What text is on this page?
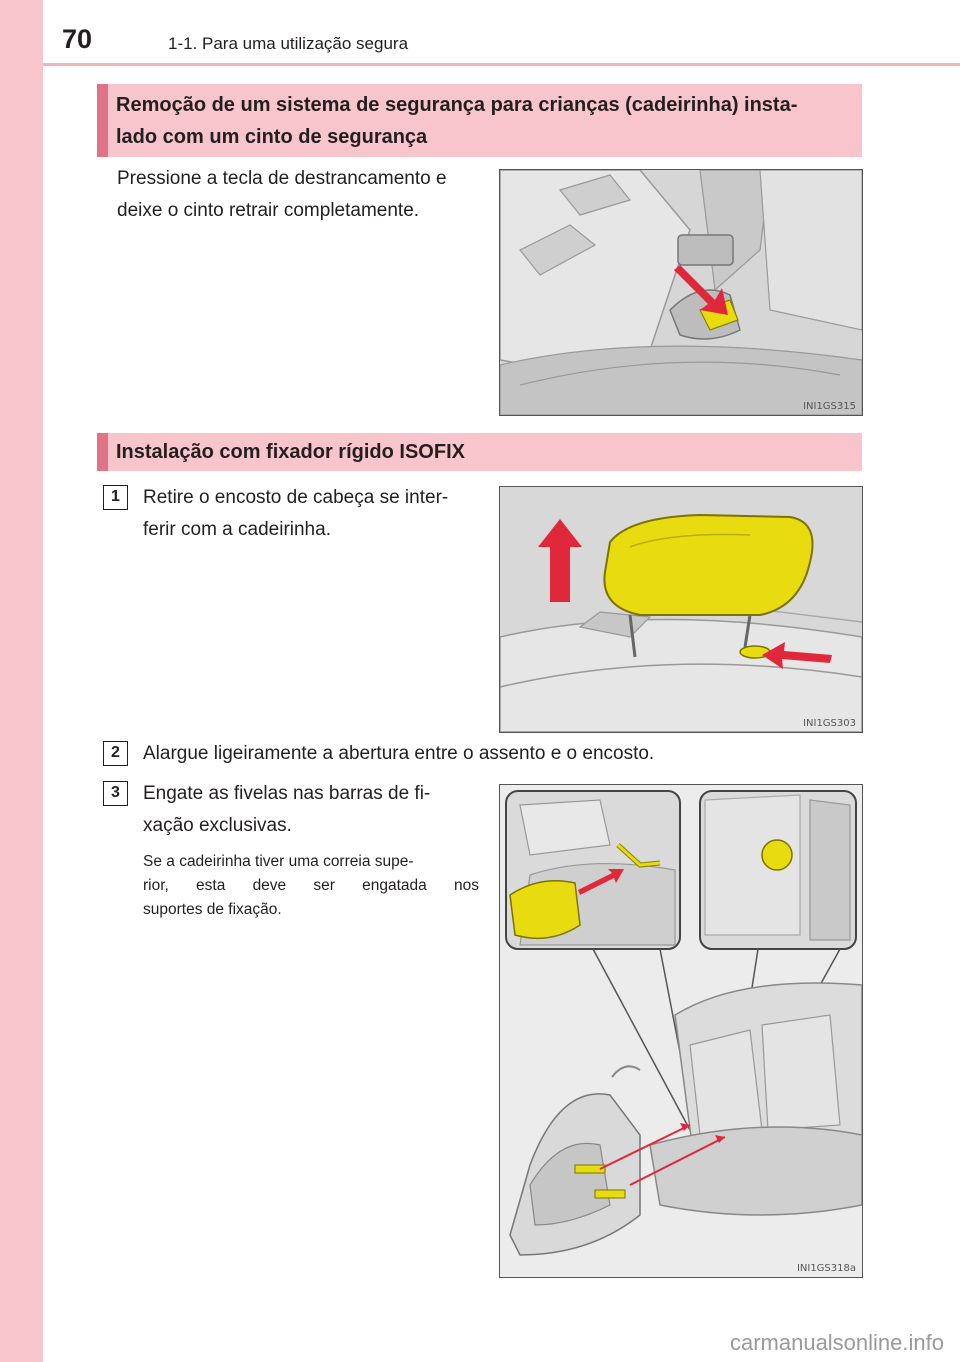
70	1-1. Para uma utilização segura
Remoção de um sistema de segurança para crianças (cadeirinha) insta-
lado com um cinto de segurança
Pressione a tecla de destrancamento e
deixe o cinto retrair completamente.
INI1GS315
Instalação com fixador rígido ISOFIX
1	Retire o encosto de cabeça se inter-
ferir com a cadeirinha.
INI1GS303
2	Alargue ligeiramente a abertura entre o assento e o encosto.
3	Engate as fivelas nas barras de fi-
xação exclusivas.
Se a cadeirinha tiver uma correia supe-
rior, esta deve ser engatada nos
suportes de fixação.
INI1GS318a
carmanualsonline.info
